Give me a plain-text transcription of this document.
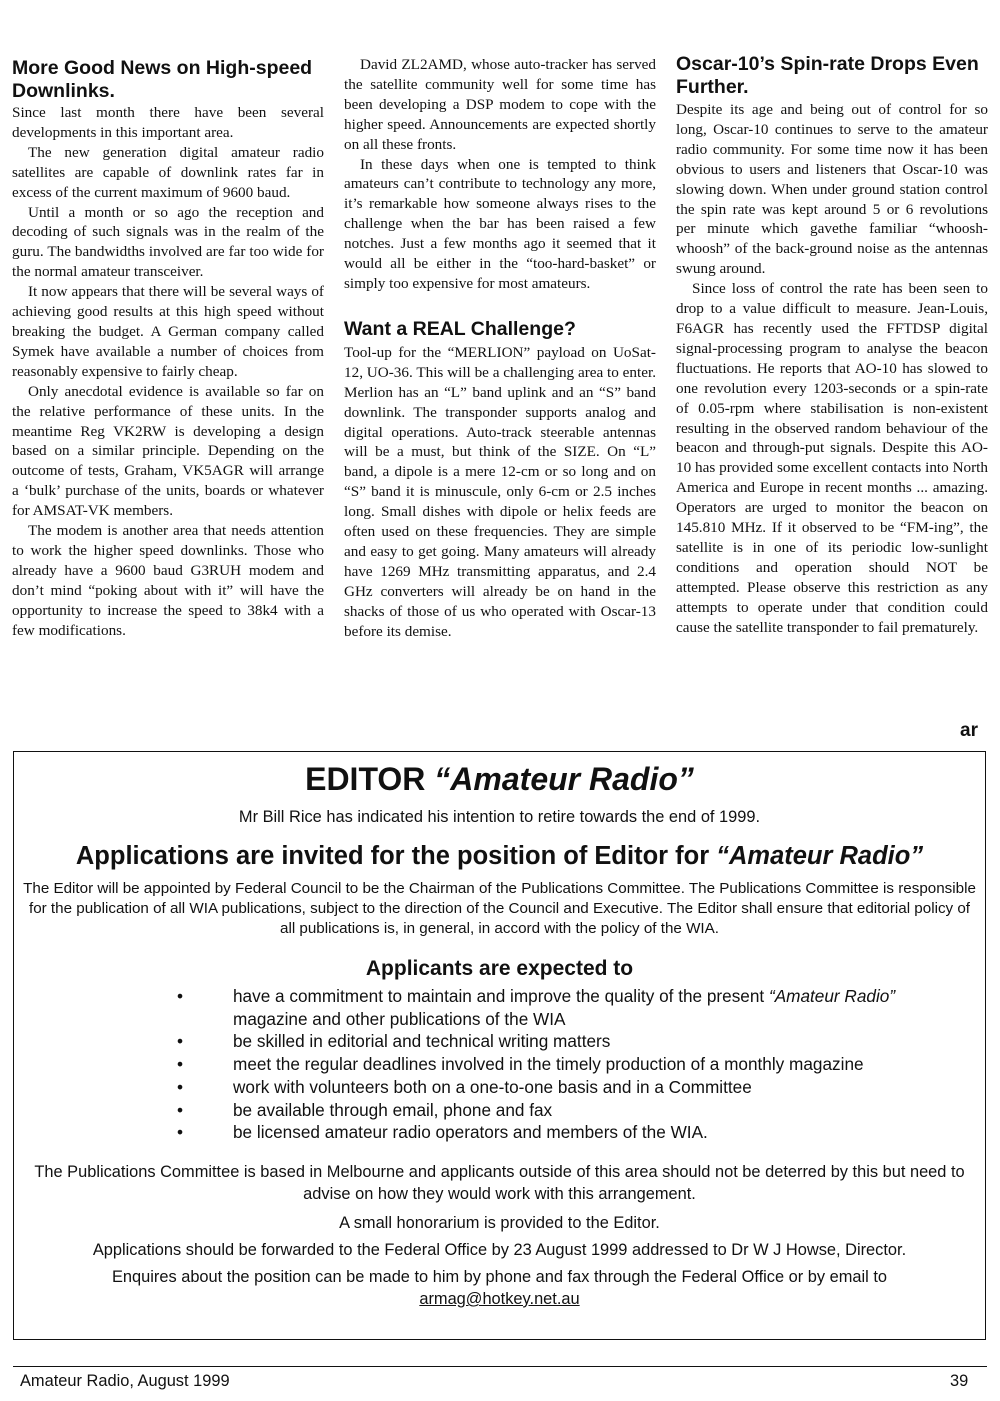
More Good News on High-speed Downlinks.

Since last month there have been several developments in this important area.

The new generation digital amateur radio satellites are capable of downlink rates far in excess of the current maximum of 9600 baud.

Until a month or so ago the reception and decoding of such signals was in the realm of the guru. The bandwidths involved are far too wide for the normal amateur transceiver.

It now appears that there will be several ways of achieving good results at this high speed without breaking the budget. A German company called Symek have available a number of choices from reasonably expensive to fairly cheap.

Only anecdotal evidence is available so far on the relative performance of these units. In the meantime Reg VK2RW is developing a design based on a similar principle. Depending on the outcome of tests, Graham, VK5AGR will arrange a ‘bulk’ purchase of the units, boards or whatever for AMSAT-VK members.

The modem is another area that needs attention to work the higher speed downlinks. Those who already have a 9600 baud G3RUH modem and don’t mind “poking about with it” will have the opportunity to increase the speed to 38k4 with a few modifications.

David ZL2AMD, whose auto-tracker has served the satellite community well for some time has been developing a DSP modem to cope with the higher speed. Announcements are expected shortly on all these fronts.

In these days when one is tempted to think amateurs can’t contribute to technology any more, it’s remarkable how someone always rises to the challenge when the bar has been raised a few notches. Just a few months ago it seemed that it would all be either in the “too-hard-basket” or simply too expensive for most amateurs.

Want a REAL Challenge?

Tool-up for the “MERLION” payload on UoSat-12, UO-36. This will be a challenging area to enter. Merlion has an “L” band uplink and an “S” band downlink. The transponder supports analog and digital operations. Auto-track steerable antennas will be a must, but think of the SIZE. On “L” band, a dipole is a mere 12-cm or so long and on “S” band it is minuscule, only 6-cm or 2.5 inches long. Small dishes with dipole or helix feeds are often used on these frequencies. They are simple and easy to get going. Many amateurs will already have 1269 MHz transmitting apparatus, and 2.4 GHz converters will already be on hand in the shacks of those of us who operated with Oscar-13 before its demise.

Oscar-10’s Spin-rate Drops Even Further.

Despite its age and being out of control for so long, Oscar-10 continues to serve to the amateur radio community. For some time now it has been obvious to users and listeners that Oscar-10 was slowing down. When under ground station control the spin rate was kept around 5 or 6 revolutions per minute which gavethe familiar “whoosh-whoosh” of the back-ground noise as the antennas swung around.

Since loss of control the rate has been seen to drop to a value difficult to measure. Jean-Louis, F6AGR has recently used the FFTDSP digital signal-processing program to analyse the beacon fluctuations. He reports that AO-10 has slowed to one revolution every 1203-seconds or a spin-rate of 0.05-rpm where stabilisation is non-existent resulting in the observed random behaviour of the beacon and through-put signals. Despite this AO-10 has provided some excellent contacts into North America and Europe in recent months ... amazing. Operators are urged to monitor the beacon on 145.810 MHz. If it observed to be “FM-ing”, the satellite is in one of its periodic low-sunlight conditions and operation should NOT be attempted. Please observe this restriction as any attempts to operate under that condition could cause the satellite transponder to fail prematurely.

ar
EDITOR “Amateur Radio”
Mr Bill Rice has indicated his intention to retire towards the end of 1999.
Applications are invited for the position of Editor for “Amateur Radio”
The Editor will be appointed by Federal Council to be the Chairman of the Publications Committee. The Publications Committee is responsible for the publication of all WIA publications, subject to the direction of the Council and Executive. The Editor shall ensure that editorial policy of all publications is, in general, in accord with the policy of the WIA.
Applicants are expected to
•	have a commitment to maintain and improve the quality of the present “Amateur Radio” magazine and other publications of the WIA
•	be skilled in editorial and technical writing matters
•	meet the regular deadlines involved in the timely production of a monthly magazine
•	work with volunteers both on a one-to-one basis and in a Committee
•	be available through email, phone and fax
•	be licensed amateur radio operators and members of the WIA.
The Publications Committee is based in Melbourne and applicants outside of this area should not be deterred by this but need to advise on how they would work with this arrangement.
A small honorarium is provided to the Editor.
Applications should be forwarded to the Federal Office by 23 August 1999 addressed to Dr W J Howse, Director.
Enquires about the position can be made to him by phone and fax through the Federal Office or by email to
armag@hotkey.net.au
Amateur Radio, August 1999	39
